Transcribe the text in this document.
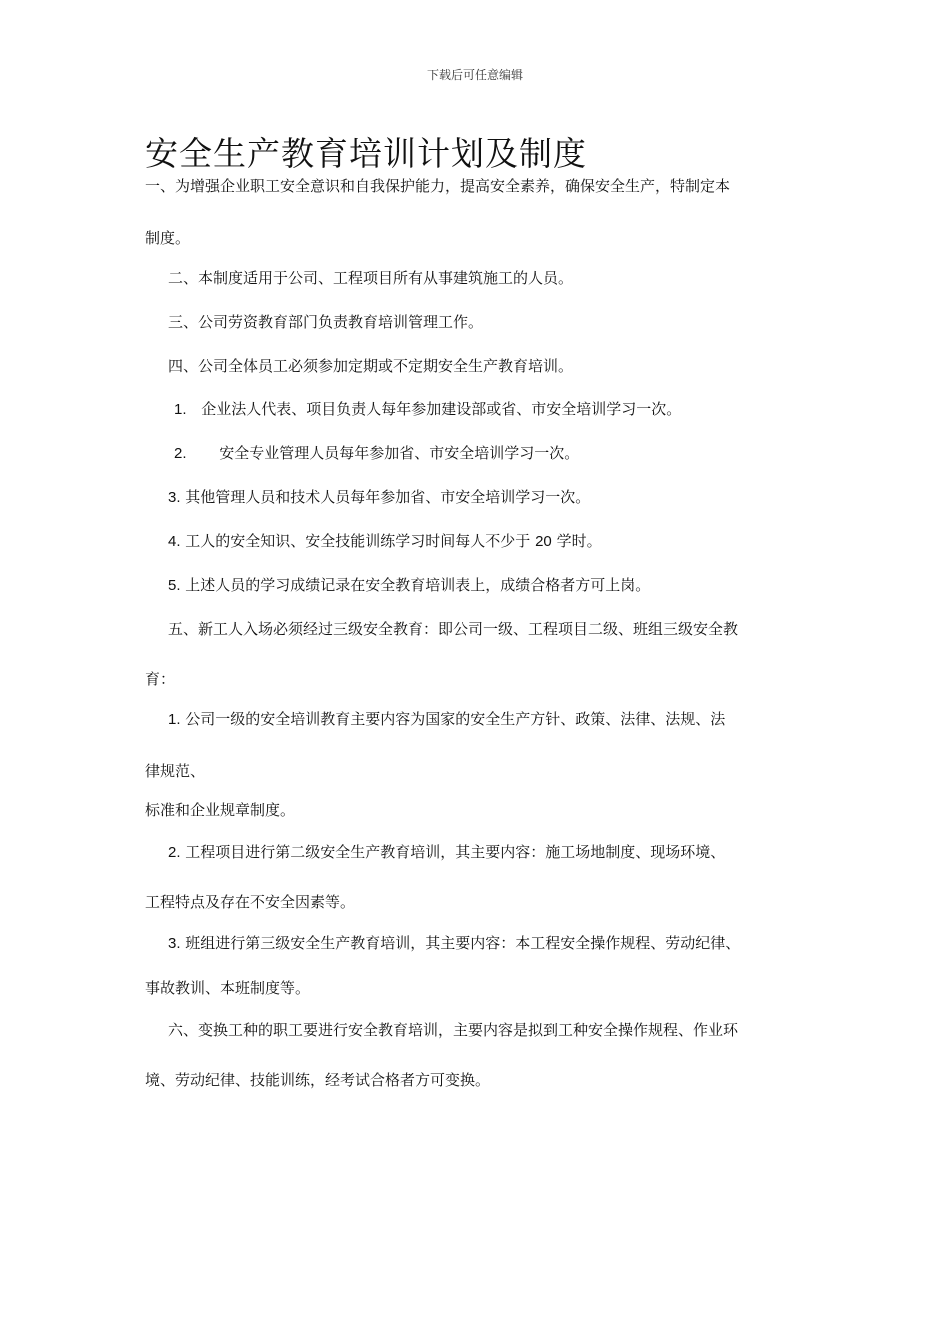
下载后可任意编辑
安全生产教育培训计划及制度
一、为增强企业职工安全意识和自我保护能力，提高安全素养，确保安全生产，特制定本
制度。
二、本制度适用于公司、工程项目所有从事建筑施工的人员。
三、公司劳资教育部门负责教育培训管理工作。
四、公司全体员工必须参加定期或不定期安全生产教育培训。
1. 企业法人代表、项目负责人每年参加建设部或省、市安全培训学习一次。
2. 安全专业管理人员每年参加省、市安全培训学习一次。
3. 其他管理人员和技术人员每年参加省、市安全培训学习一次。
4. 工人的安全知识、安全技能训练学习时间每人不少于 20 学时。
5. 上述人员的学习成绩记录在安全教育培训表上，成绩合格者方可上岗。
五、新工人入场必须经过三级安全教育：即公司一级、工程项目二级、班组三级安全教
育：
1. 公司一级的安全培训教育主要内容为国家的安全生产方针、政策、法律、法规、法
律规范、
标准和企业规章制度。
2. 工程项目进行第二级安全生产教育培训，其主要内容：施工场地制度、现场环境、
工程特点及存在不安全因素等。
3. 班组进行第三级安全生产教育培训，其主要内容：本工程安全操作规程、劳动纪律、
事故教训、本班制度等。
六、变换工种的职工要进行安全教育培训，主要内容是拟到工种安全操作规程、作业环
境、劳动纪律、技能训练，经考试合格者方可变换。
